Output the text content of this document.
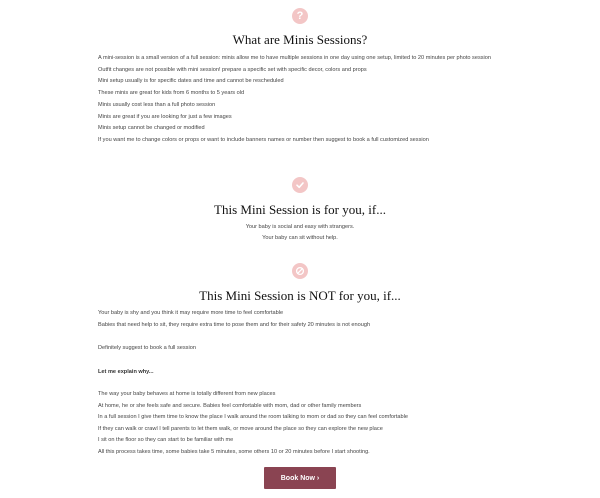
?
What are Minis Sessions?
A mini-session is a small version of a full session: minis allow me to have multiple sessions in one day using one setup, limited to 20 minutes per photo session
Outfit changes are not possible with mini session! prepare a specific set with specific decor, colors and props
Mini setup usually is for specific dates and time and cannot be rescheduled
These minis are great for kids from 6 months to 5 years old
Minis usually cost less than a full photo session
Minis are great if you are looking for just a few images
Minis setup cannot be changed or modified
If you want me to change colors or props or want to include banners names or number then suggest to book a full customized session
This Mini Session is for you, if...
Your baby is social and easy with strangers.
Your baby can sit without help.
This Mini Session is NOT for you, if...
Your baby is shy and you think it may require more time to feel comfortable
Babies that need help to sit, they require extra time to pose them and for their safety 20 minutes is not enough
Definitely suggest to book a full session
Let me explain why...
The way your baby behaves at home is totally different from new places
At home, he or she feels safe and secure. Babies feel comfortable with mom, dad or other family members
In a full session I give them time to know the place I walk around the room talking to mom or dad so they can feel comfortable
If they can walk or crawl I tell parents to let them walk, or move around the place so they can explore the new place
I sit on the floor so they can start to be familiar with me
All this process takes time, some babies take 5 minutes, some others 10 or 20 minutes before I start shooting.
Book Now ›
